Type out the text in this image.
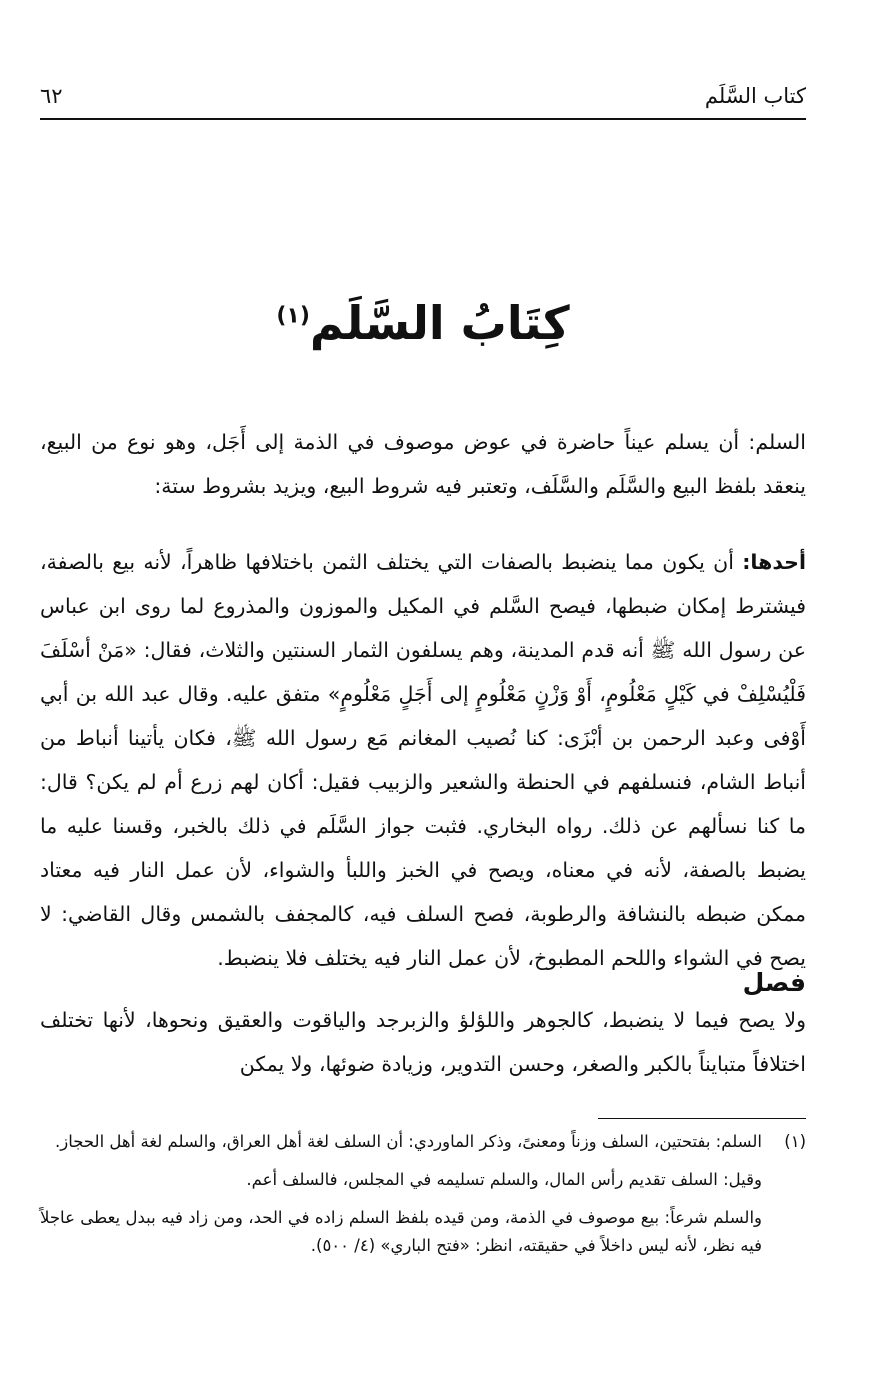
كتاب السَّلَم
٦٢
كِتَابُ السَّلَم$^{(١)}$
السلم: أن يسلم عيناً حاضرة في عوض موصوف في الذمة إلى أَجَل، وهو نوع من البيع، ينعقد بلفظ البيع والسَّلَم والسَّلَف، وتعتبر فيه شروط البيع، ويزيد بشروط ستة:
أحدها: أن يكون مما ينضبط بالصفات التي يختلف الثمن باختلافها ظاهراً، لأنه بيع بالصفة، فيشترط إمكان ضبطها، فيصح السَّلم في المكيل والموزون والمذروع لما روى ابن عباس عن رسول الله ﷺ أنه قدم المدينة، وهم يسلفون الثمار السنتين والثلاث، فقال: «مَنْ أسْلَفَ فَلْيُسْلِفْ في كَيْلٍ مَعْلُومٍ، أَوْ وَزْنٍ مَعْلُومٍ إلى أَجَلٍ مَعْلُومٍ» متفق عليه. وقال عبد الله بن أبي أَوْفى وعبد الرحمن بن أبْزَى: كنا نُصيب المغانم مَع رسول الله ﷺ، فكان يأتينا أنباط من أنباط الشام، فنسلفهم في الحنطة والشعير والزبيب فقيل: أكان لهم زرع أم لم يكن؟ قال: ما كنا نسألهم عن ذلك. رواه البخاري. فثبت جواز السَّلَم في ذلك بالخبر، وقسنا عليه ما يضبط بالصفة، لأنه في معناه، ويصح في الخبز واللبأ والشواء، لأن عمل النار فيه معتاد ممكن ضبطه بالنشافة والرطوبة، فصح السلف فيه، كالمجفف بالشمس وقال القاضي: لا يصح في الشواء واللحم المطبوخ، لأن عمل النار فيه يختلف فلا ينضبط.
فصل
ولا يصح فيما لا ينضبط، كالجوهر واللؤلؤ والزبرجد والياقوت والعقيق ونحوها، لأنها تختلف اختلافاً متبايناً بالكبر والصغر، وحسن التدوير، وزيادة ضوئها، ولا يمكن
(١)

السلم: بفتحتين، السلف وزناً ومعنىً، وذكر الماوردي: أن السلف لغة أهل العراق، والسلم لغة أهل الحجاز.

وقيل: السلف تقديم رأس المال، والسلم تسليمه في المجلس، فالسلف أعم.

والسلم شرعاً: بيع موصوف في الذمة، ومن قيده بلفظ السلم زاده في الحد، ومن زاد فيه ببدل يعطى عاجلاً فيه نظر، لأنه ليس داخلاً في حقيقته، انظر: «فتح الباري» (٤/ ٥٠٠).
